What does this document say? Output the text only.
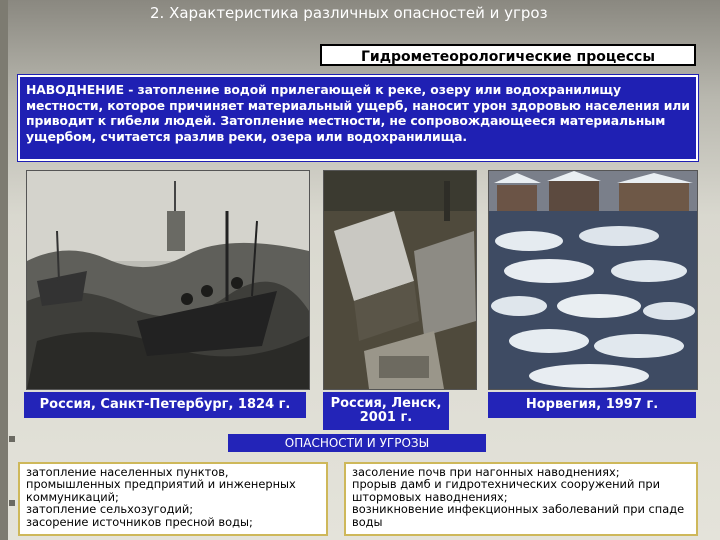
2. Характеристика различных опасностей и угроз
Гидрометеорологические процессы
НАВОДНЕНИЕ - затопление водой прилегающей к реке, озеру или водохранилищу местности, которое причиняет материальный ущерб, наносит урон здоровью населения или приводит к гибели людей. Затопление местности, не сопровождающееся материальным ущербом, считается разлив реки, озера или водохранилища.
Россия, Санкт-Петербург, 1824 г.	Россия, Ленск, 2001 г.
Норвегия, 1997 г.
ОПАСНОСТИ И УГРОЗЫ
затопление населенных пунктов, промышленных предприятий и инженерных коммуникаций;
затопление сельхозугодий;
засорение источников пресной воды;
засоление почв при нагонных наводнениях;
прорыв дамб и гидротехнических сооружений при штормовых наводнениях;
возникновение инфекционных заболеваний при спаде воды
